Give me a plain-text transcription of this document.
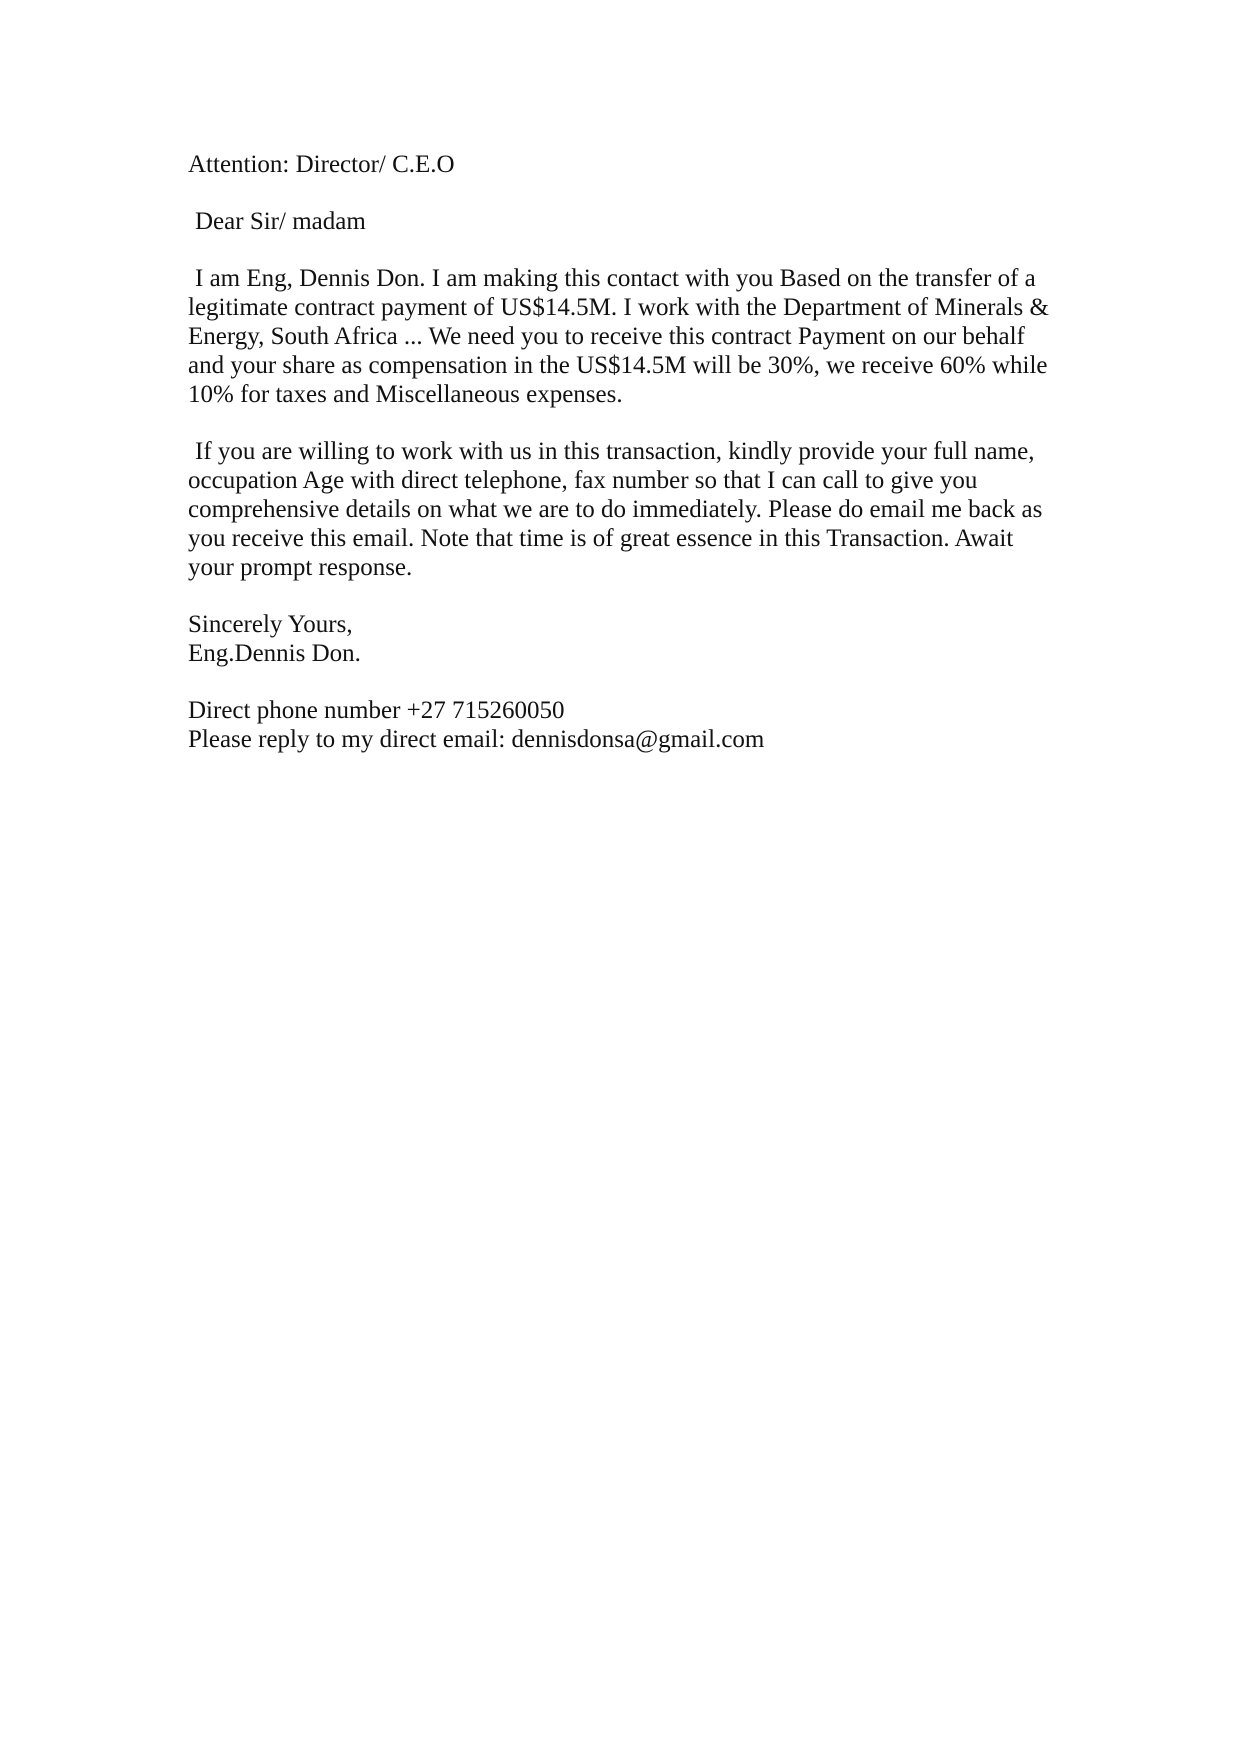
Attention: Director/ C.E.O

Dear Sir/ madam

I am Eng, Dennis Don. I am making this contact with you Based on the transfer of a
legitimate contract payment of US$14.5M. I work with the Department of Minerals &
Energy, South Africa ... We need you to receive this contract Payment on our behalf
and your share as compensation in the US$14.5M will be 30%, we receive 60% while
10% for taxes and Miscellaneous expenses.

If you are willing to work with us in this transaction, kindly provide your full name,
occupation Age with direct telephone, fax number so that I can call to give you
comprehensive details on what we are to do immediately. Please do email me back as
you receive this email. Note that time is of great essence in this Transaction. Await
your prompt response.

Sincerely Yours,
Eng.Dennis Don.

Direct phone number +27 715260050
Please reply to my direct email: dennisdonsa@gmail.com
